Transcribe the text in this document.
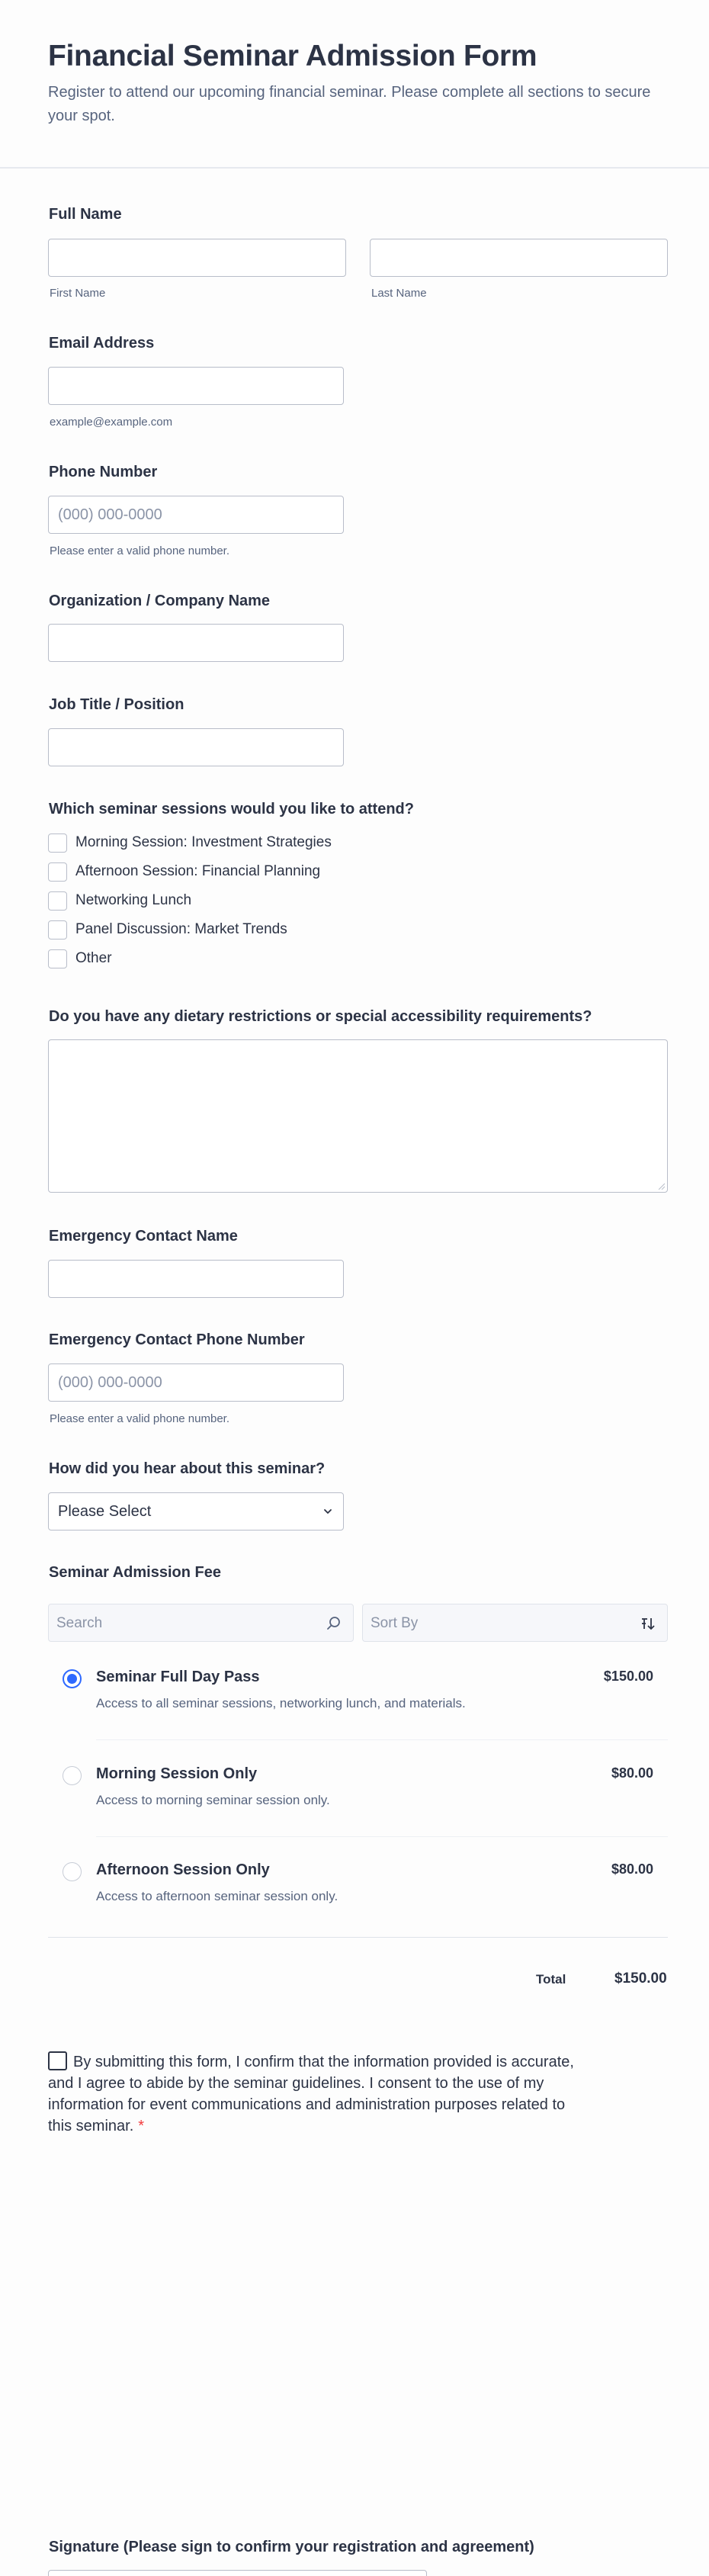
Financial Seminar Admission Form
Register to attend our upcoming financial seminar. Please complete all sections to secure your spot.
Full Name
First Name	Last Name
Email Address
example@example.com
Phone Number
(000) 000-0000
Please enter a valid phone number.
Organization / Company Name
Job Title / Position
Which seminar sessions would you like to attend?
Morning Session: Investment Strategies
Afternoon Session: Financial Planning
Networking Lunch
Panel Discussion: Market Trends
Other
Do you have any dietary restrictions or special accessibility requirements?
Emergency Contact Name
Emergency Contact Phone Number
(000) 000-0000
Please enter a valid phone number.
How did you hear about this seminar?
Please Select
Seminar Admission Fee
Search	Sort By
Seminar Full Day Pass
Access to all seminar sessions, networking lunch, and materials.
$150.00
Morning Session Only
Access to morning seminar session only.
$80.00
Afternoon Session Only
Access to afternoon seminar session only.
$80.00
Total	$150.00
By submitting this form, I confirm that the information provided is accurate, and I agree to abide by the seminar guidelines. I consent to the use of my information for event communications and administration purposes related to this seminar. *
Signature (Please sign to confirm your registration and agreement)
